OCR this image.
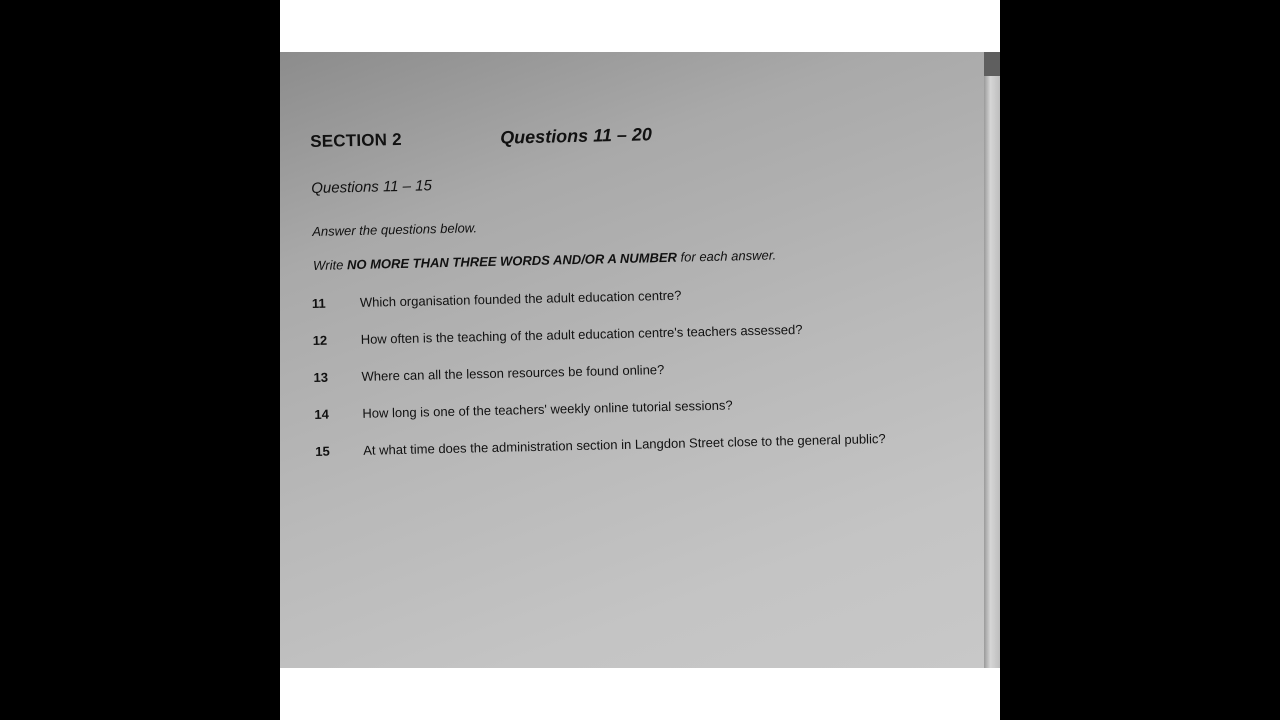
SECTION 2	Questions 11 – 20
Questions 11 – 15
Answer the questions below.
Write NO MORE THAN THREE WORDS AND/OR A NUMBER for each answer.
11	Which organisation founded the adult education centre?
12	How often is the teaching of the adult education centre's teachers assessed?
13	Where can all the lesson resources be found online?
14	How long is one of the teachers' weekly online tutorial sessions?
15	At what time does the administration section in Langdon Street close to the general public?
